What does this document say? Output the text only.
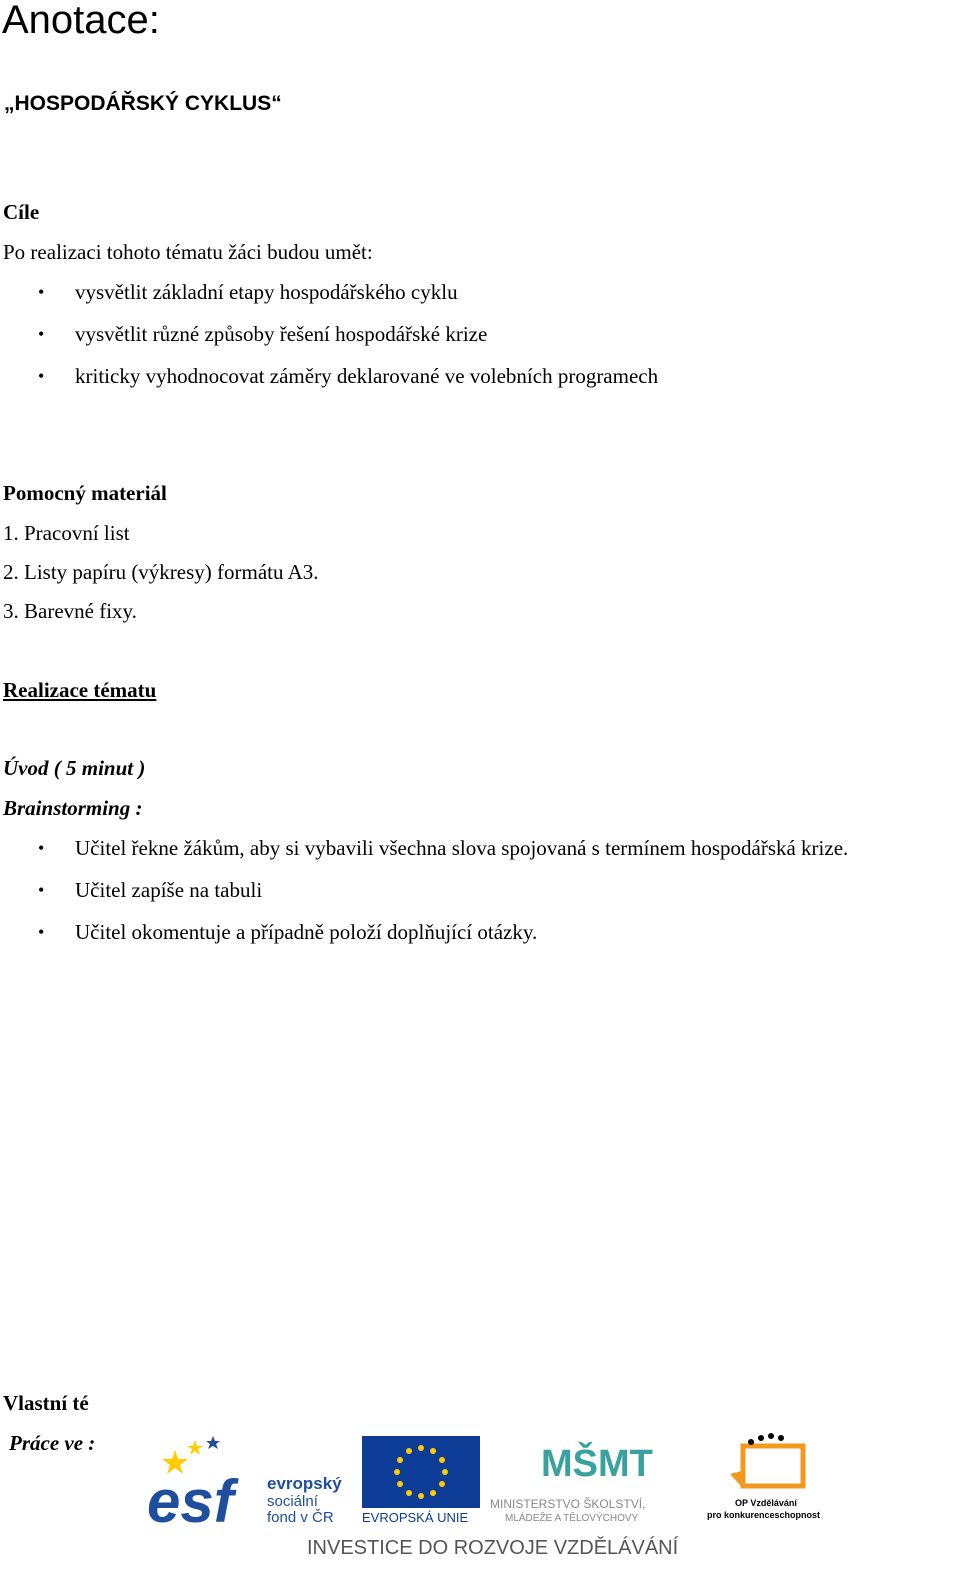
Anotace:
„HOSPODÁŘSKÝ CYKLUS“
Cíle
Po realizaci tohoto tématu žáci budou umět:
• vysvětlit základní etapy hospodářského cyklu
• vysvětlit různé způsoby řešení hospodářské krize
• kriticky vyhodnocovat záměry deklarované ve volebních programech
Pomocný materiál
1. Pracovní list
2. Listy papíru (výkresy) formátu A3.
3. Barevné fixy.
Realizace tématu
Úvod ( 5 minut )
Brainstorming :
• Učitel řekne žákům, aby si vybavili všechna slova spojovaná s termínem hospodářská krize.
• Učitel zapíše na tabuli
• Učitel okomentuje a případně položí doplňující otázky.
Vlastní té
Práce ve :
esf evropský
sociální
fond v ČR EVROPSKÁ UNIE
MŠMT
MINISTERSTVO ŠKOLSTVÍ,
MLÁDEŽE A TĚLOVÝCHOVY
OP Vzdělávání
pro konkurenceschopnost
INVESTICE DO ROZVOJE VZDĚLÁVÁNÍ
